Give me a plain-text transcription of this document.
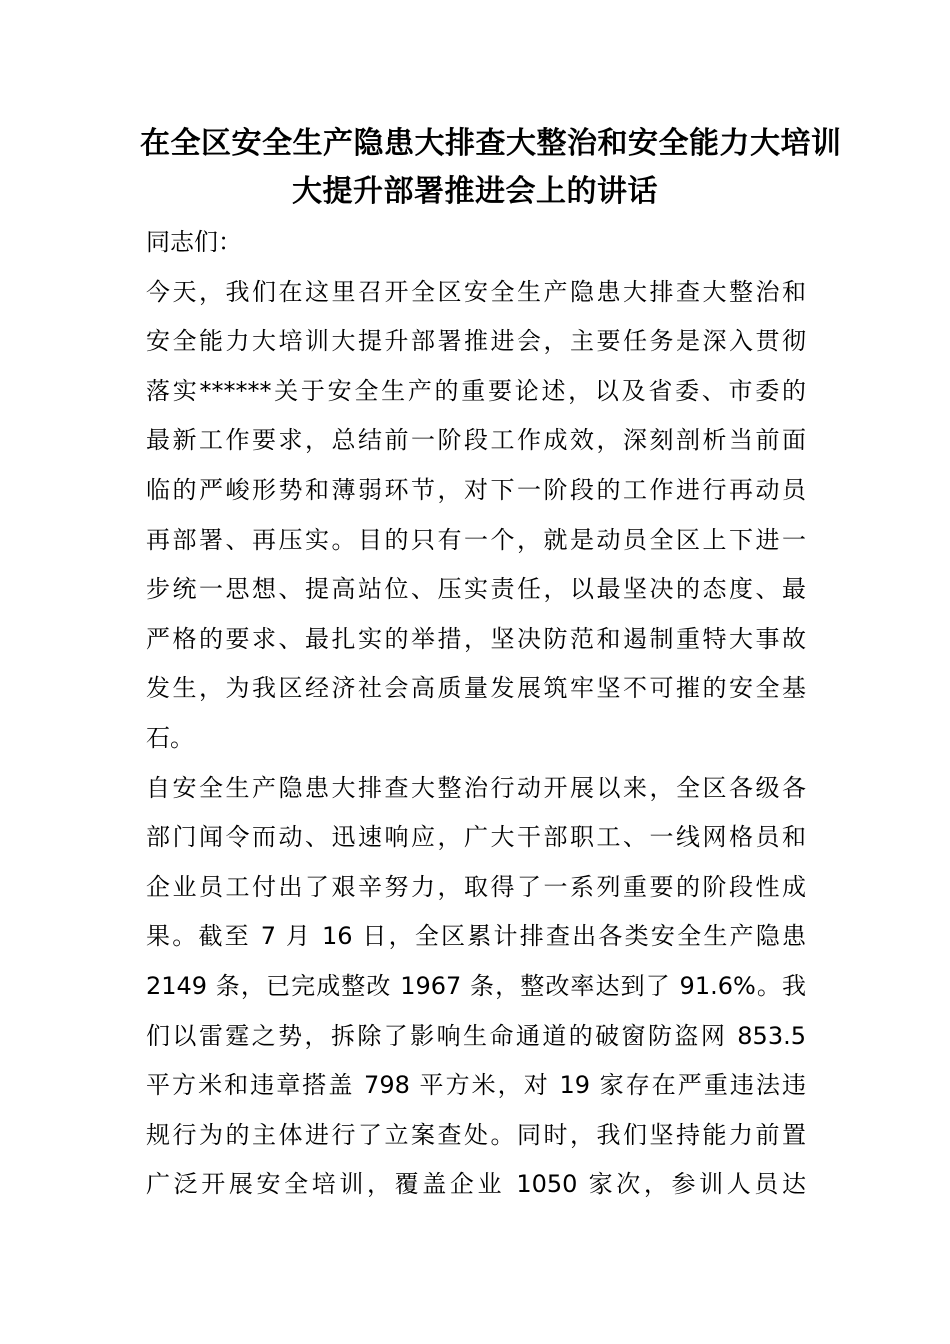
在全区安全生产隐患大排查大整治和安全能力大培训
大提升部署推进会上的讲话
同志们：
今天，我们在这里召开全区安全生产隐患大排查大整治和
安全能力大培训大提升部署推进会，主要任务是深入贯彻
落实******关于安全生产的重要论述，以及省委、市委的
最新工作要求，总结前一阶段工作成效，深刻剖析当前面
临的严峻形势和薄弱环节，对下一阶段的工作进行再动员
再部署、再压实。目的只有一个，就是动员全区上下进一
步统一思想、提高站位、压实责任，以最坚决的态度、最
严格的要求、最扎实的举措，坚决防范和遏制重特大事故
发生，为我区经济社会高质量发展筑牢坚不可摧的安全基
石。
自安全生产隐患大排查大整治行动开展以来，全区各级各
部门闻令而动、迅速响应，广大干部职工、一线网格员和
企业员工付出了艰辛努力，取得了一系列重要的阶段性成
果。截至 7 月 16 日，全区累计排查出各类安全生产隐患
2149 条，已完成整改 1967 条，整改率达到了 91.6%。我
们以雷霆之势，拆除了影响生命通道的破窗防盗网 853.5
平方米和违章搭盖 798 平方米，对 19 家存在严重违法违
规行为的主体进行了立案查处。同时，我们坚持能力前置
广泛开展安全培训，覆盖企业 1050 家次，参训人员达
